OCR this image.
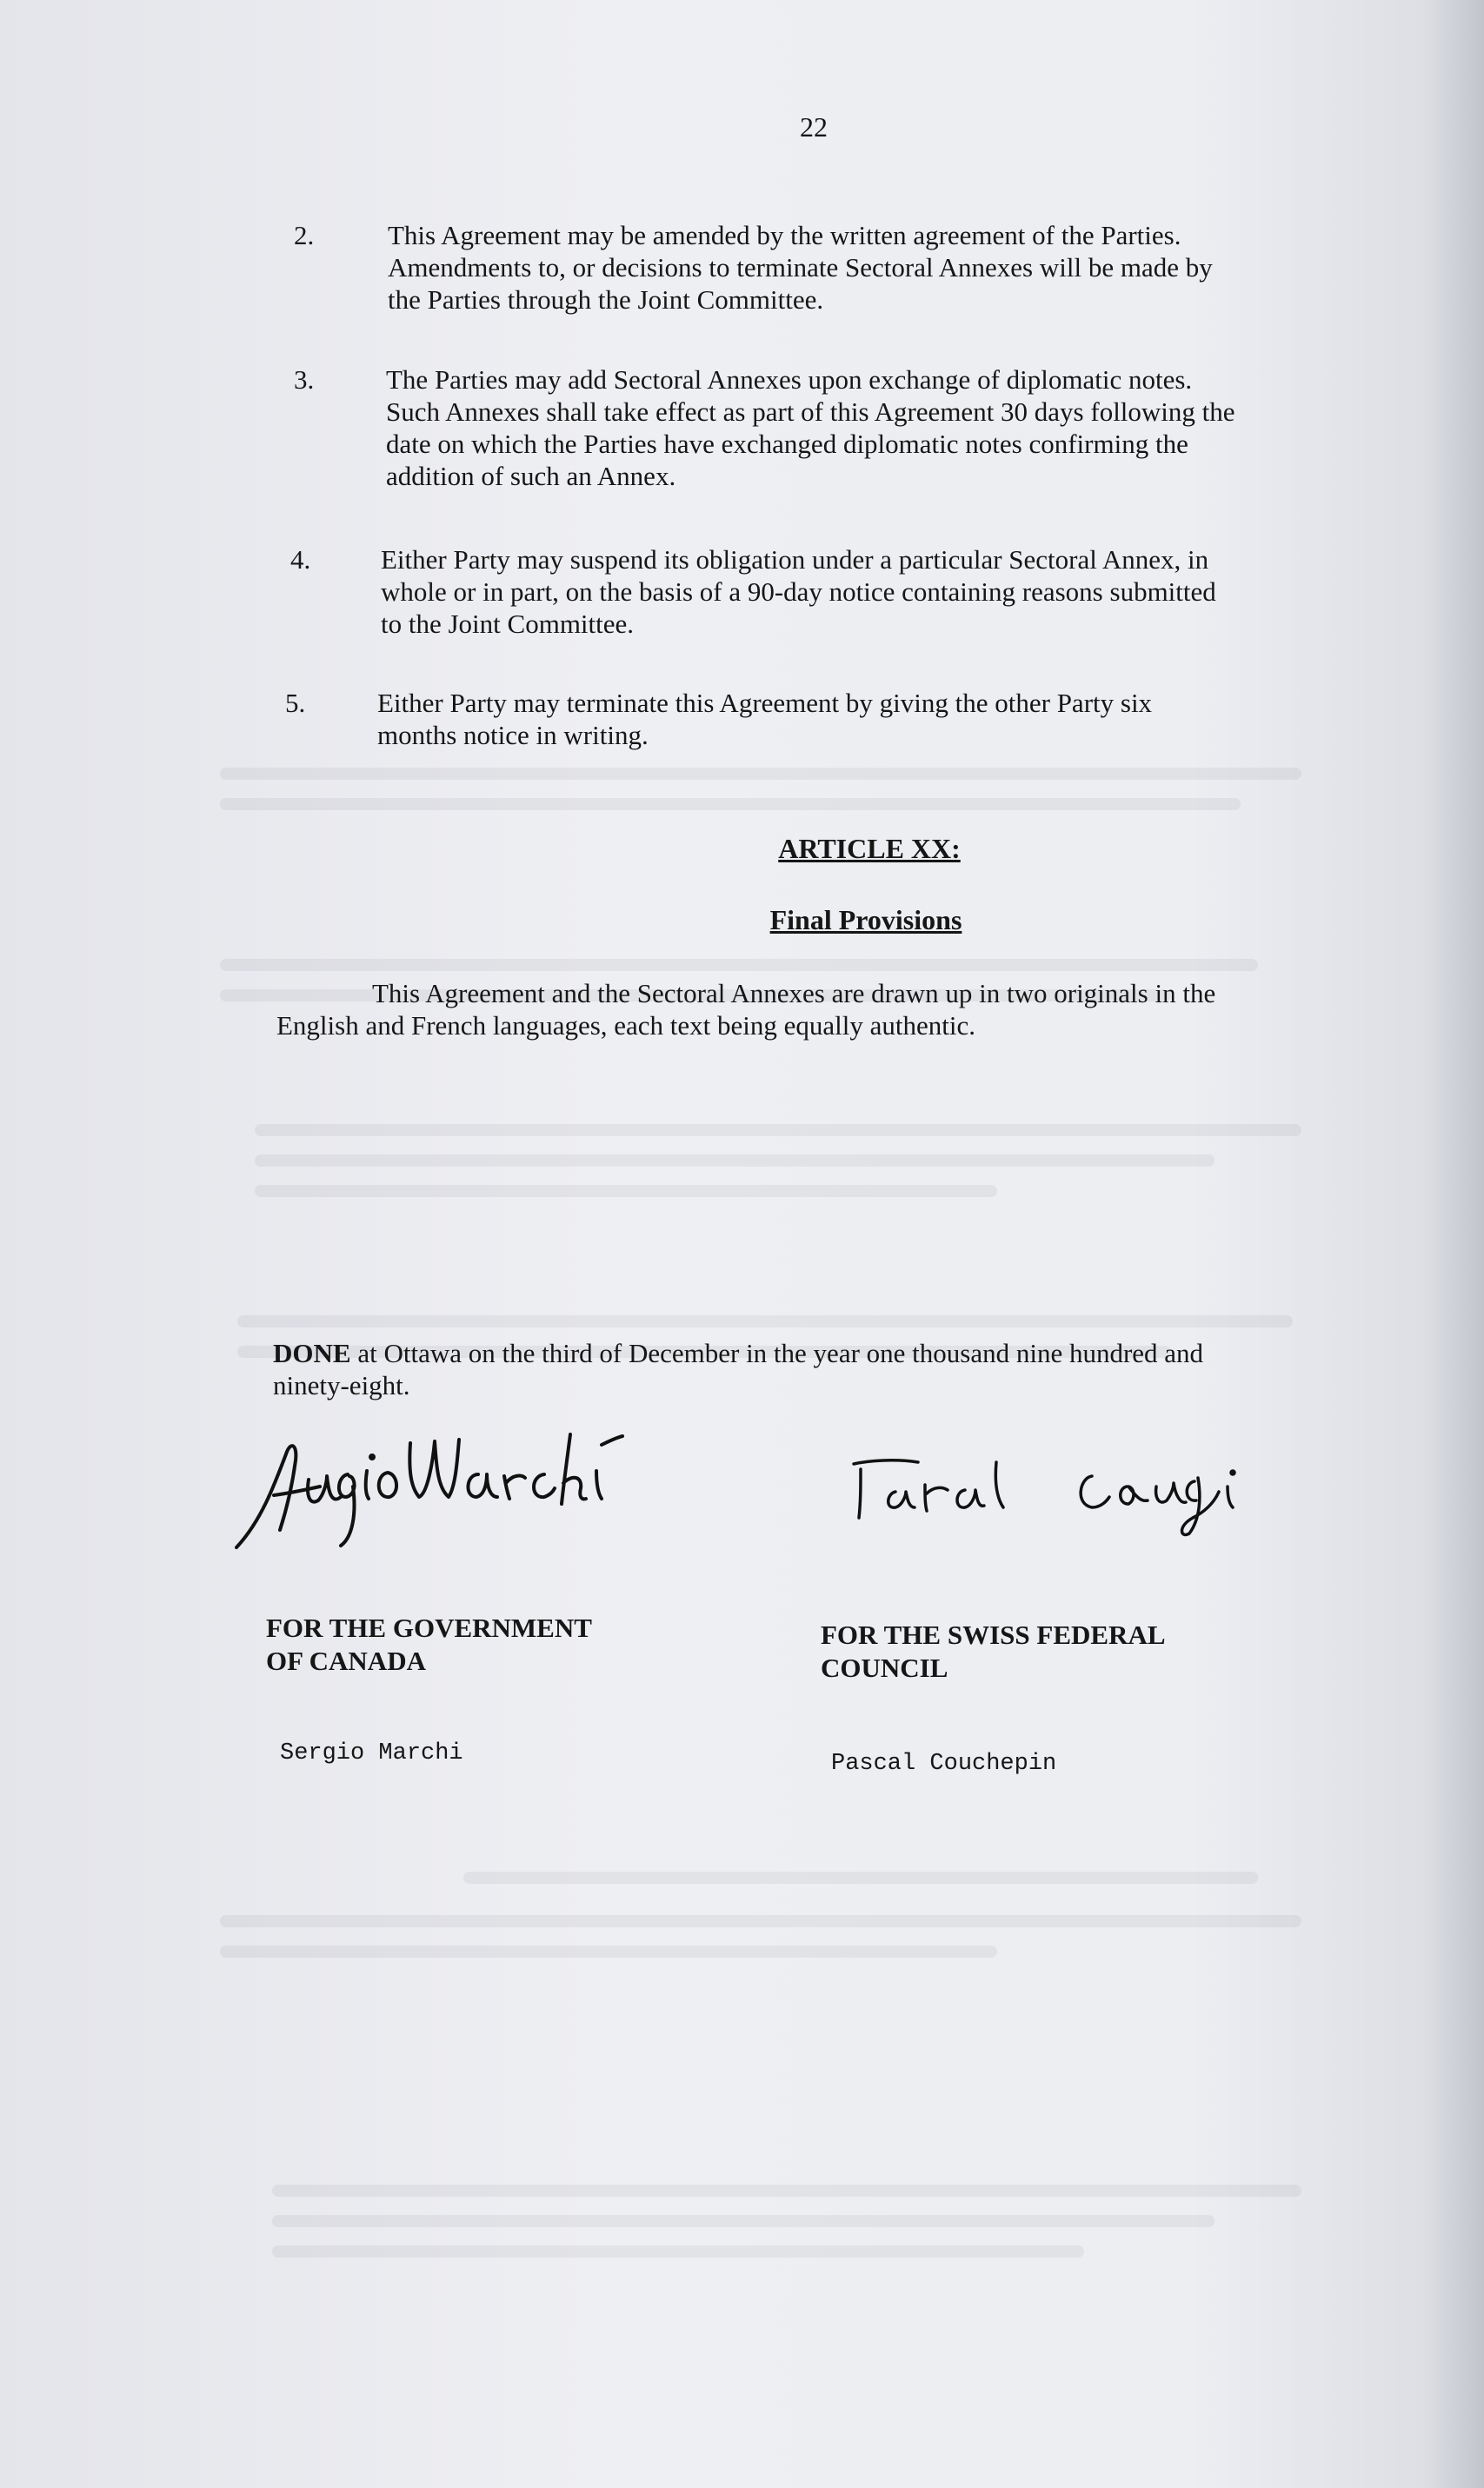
22
2.	This Agreement may be amended by the written agreement of the Parties.
Amendments to, or decisions to terminate Sectoral Annexes will be made by
the Parties through the Joint Committee.
3.	The Parties may add Sectoral Annexes upon exchange of diplomatic notes.
Such Annexes shall take effect as part of this Agreement 30 days following the
date on which the Parties have exchanged diplomatic notes confirming the
addition of such an Annex.
4.	Either Party may suspend its obligation under a particular Sectoral Annex, in
whole or in part, on the basis of a 90-day notice containing reasons submitted
to the Joint Committee.
5.	Either Party may terminate this Agreement by giving the other Party six
months notice in writing.
ARTICLE XX:
Final Provisions
This Agreement and the Sectoral Annexes are drawn up in two originals in the
English and French languages, each text being equally authentic.
DONE at Ottawa on the third of December in the year one thousand nine hundred and
ninety-eight.
FOR THE GOVERNMENT
OF CANADA
FOR THE SWISS FEDERAL
COUNCIL
Sergio Marchi	Pascal Couchepin
